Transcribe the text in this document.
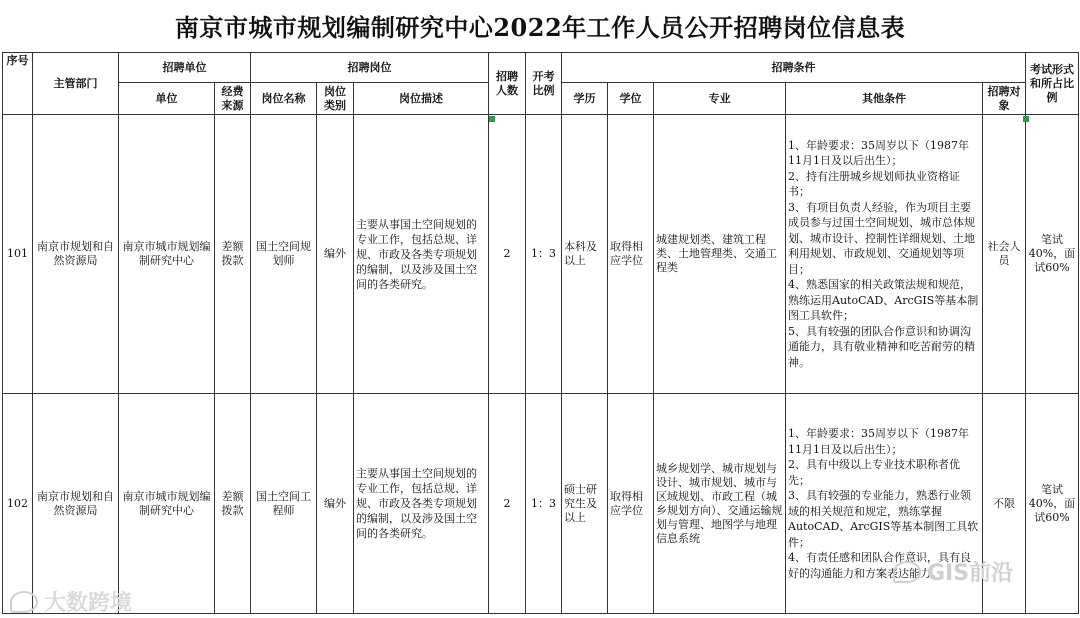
南京市城市规划编制研究中心2022年工作人员公开招聘岗位信息表
序号	主管部门	招聘单位		招聘岗位			招聘人数	开考比例	招聘条件					考试形式和所占比例
		单位	经费来源	岗位名称	岗位类别	岗位描述			学历	学位	专业	其他条件	招聘对象	
101	南京市规划和自然资源局	南京市城市规划编制研究中心	差额拨款	国土空间规划师	编外	主要从事国土空间规划的专业工作，包括总规、详规、市政及各类专项规划的编制，以及涉及国土空间的各类研究。	2	1：3	本科及以上	取得相应学位	城建规划类、建筑工程类、土地管理类、交通工程类	1、年龄要求：35周岁以下（1987年11月1日及以后出生）；
2、持有注册城乡规划师执业资格证书；
3、有项目负责人经验，作为项目主要成员参与过国土空间规划、城市总体规划、城市设计、控制性详细规划、土地利用规划、市政规划、交通规划等项目；
4、熟悉国家的相关政策法规和规范，熟练运用AutoCAD、ArcGIS等基本制图工具软件；
5、具有较强的团队合作意识和协调沟通能力，具有敬业精神和吃苦耐劳的精神。	社会人员	笔试40%，面试60%
102	南京市规划和自然资源局	南京市城市规划编制研究中心	差额拨款	国土空间工程师	编外	主要从事国土空间规划的专业工作，包括总规、详规、市政及各类专项规划的编制，以及涉及国土空间的各类研究。	2	1：3	硕士研究生及以上	取得相应学位	城乡规划学、城市规划与设计、城市规划、城市与区域规划、市政工程（城乡规划方向）、交通运输规划与管理、地图学与地理信息系统	1、年龄要求：35周岁以下（1987年11月1日及以后出生）；
2、具有中级以上专业技术职称者优先；
3、具有较强的专业能力，熟悉行业领域的相关规范和规定，熟练掌握AutoCAD、ArcGIS等基本制图工具软件；
4、有责任感和团队合作意识，具有良好的沟通能力和方案表达能力。	不限	笔试40%，面试60%
大数跨境
GIS前沿
